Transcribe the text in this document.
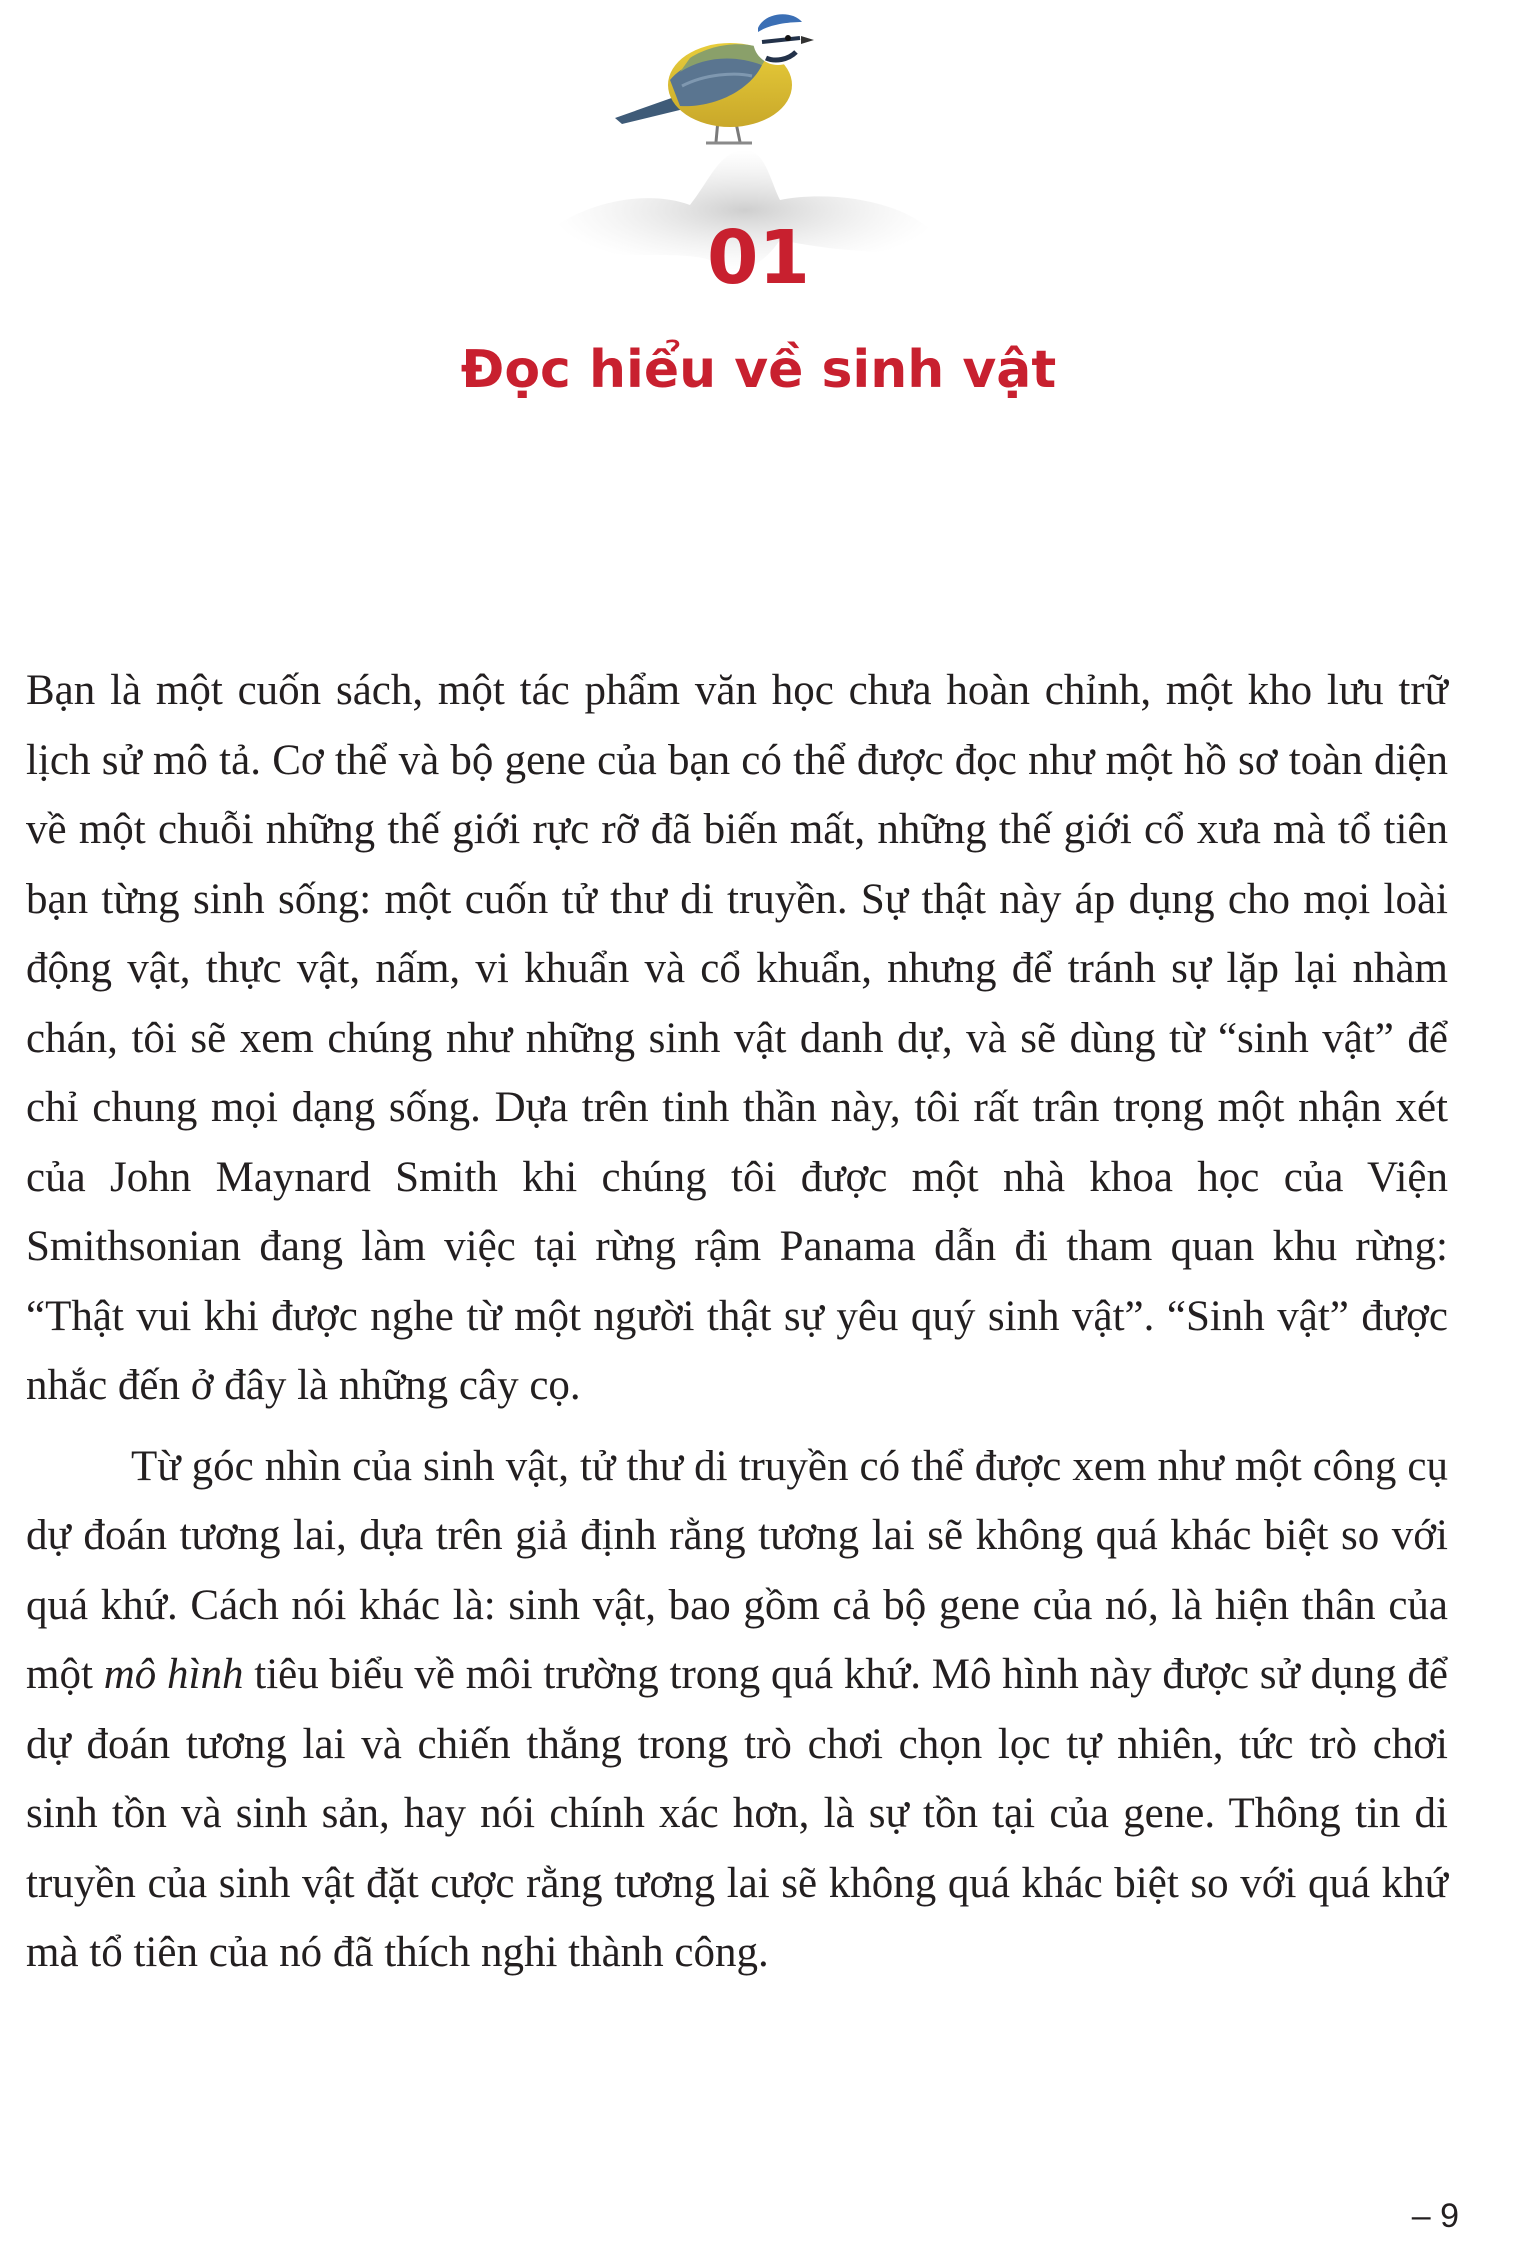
01
Đọc hiểu về sinh vật

Bạn là một cuốn sách, một tác phẩm văn học chưa hoàn chỉnh, một kho lưu trữ lịch sử mô tả. Cơ thể và bộ gene của bạn có thể được đọc như một hồ sơ toàn diện về một chuỗi những thế giới rực rỡ đã biến mất, những thế giới cổ xưa mà tổ tiên bạn từng sinh sống: một cuốn tử thư di truyền. Sự thật này áp dụng cho mọi loài động vật, thực vật, nấm, vi khuẩn và cổ khuẩn, nhưng để tránh sự lặp lại nhàm chán, tôi sẽ xem chúng như những sinh vật danh dự, và sẽ dùng từ “sinh vật” để chỉ chung mọi dạng sống. Dựa trên tinh thần này, tôi rất trân trọng một nhận xét của John Maynard Smith khi chúng tôi được một nhà khoa học của Viện Smithsonian đang làm việc tại rừng rậm Panama dẫn đi tham quan khu rừng: “Thật vui khi được nghe từ một người thật sự yêu quý sinh vật”. “Sinh vật” được nhắc đến ở đây là những cây cọ.

Từ góc nhìn của sinh vật, tử thư di truyền có thể được xem như một công cụ dự đoán tương lai, dựa trên giả định rằng tương lai sẽ không quá khác biệt so với quá khứ. Cách nói khác là: sinh vật, bao gồm cả bộ gene của nó, là hiện thân của một mô hình tiêu biểu về môi trường trong quá khứ. Mô hình này được sử dụng để dự đoán tương lai và chiến thắng trong trò chơi chọn lọc tự nhiên, tức trò chơi sinh tồn và sinh sản, hay nói chính xác hơn, là sự tồn tại của gene. Thông tin di truyền của sinh vật đặt cược rằng tương lai sẽ không quá khác biệt so với quá khứ mà tổ tiên của nó đã thích nghi thành công.

– 9
